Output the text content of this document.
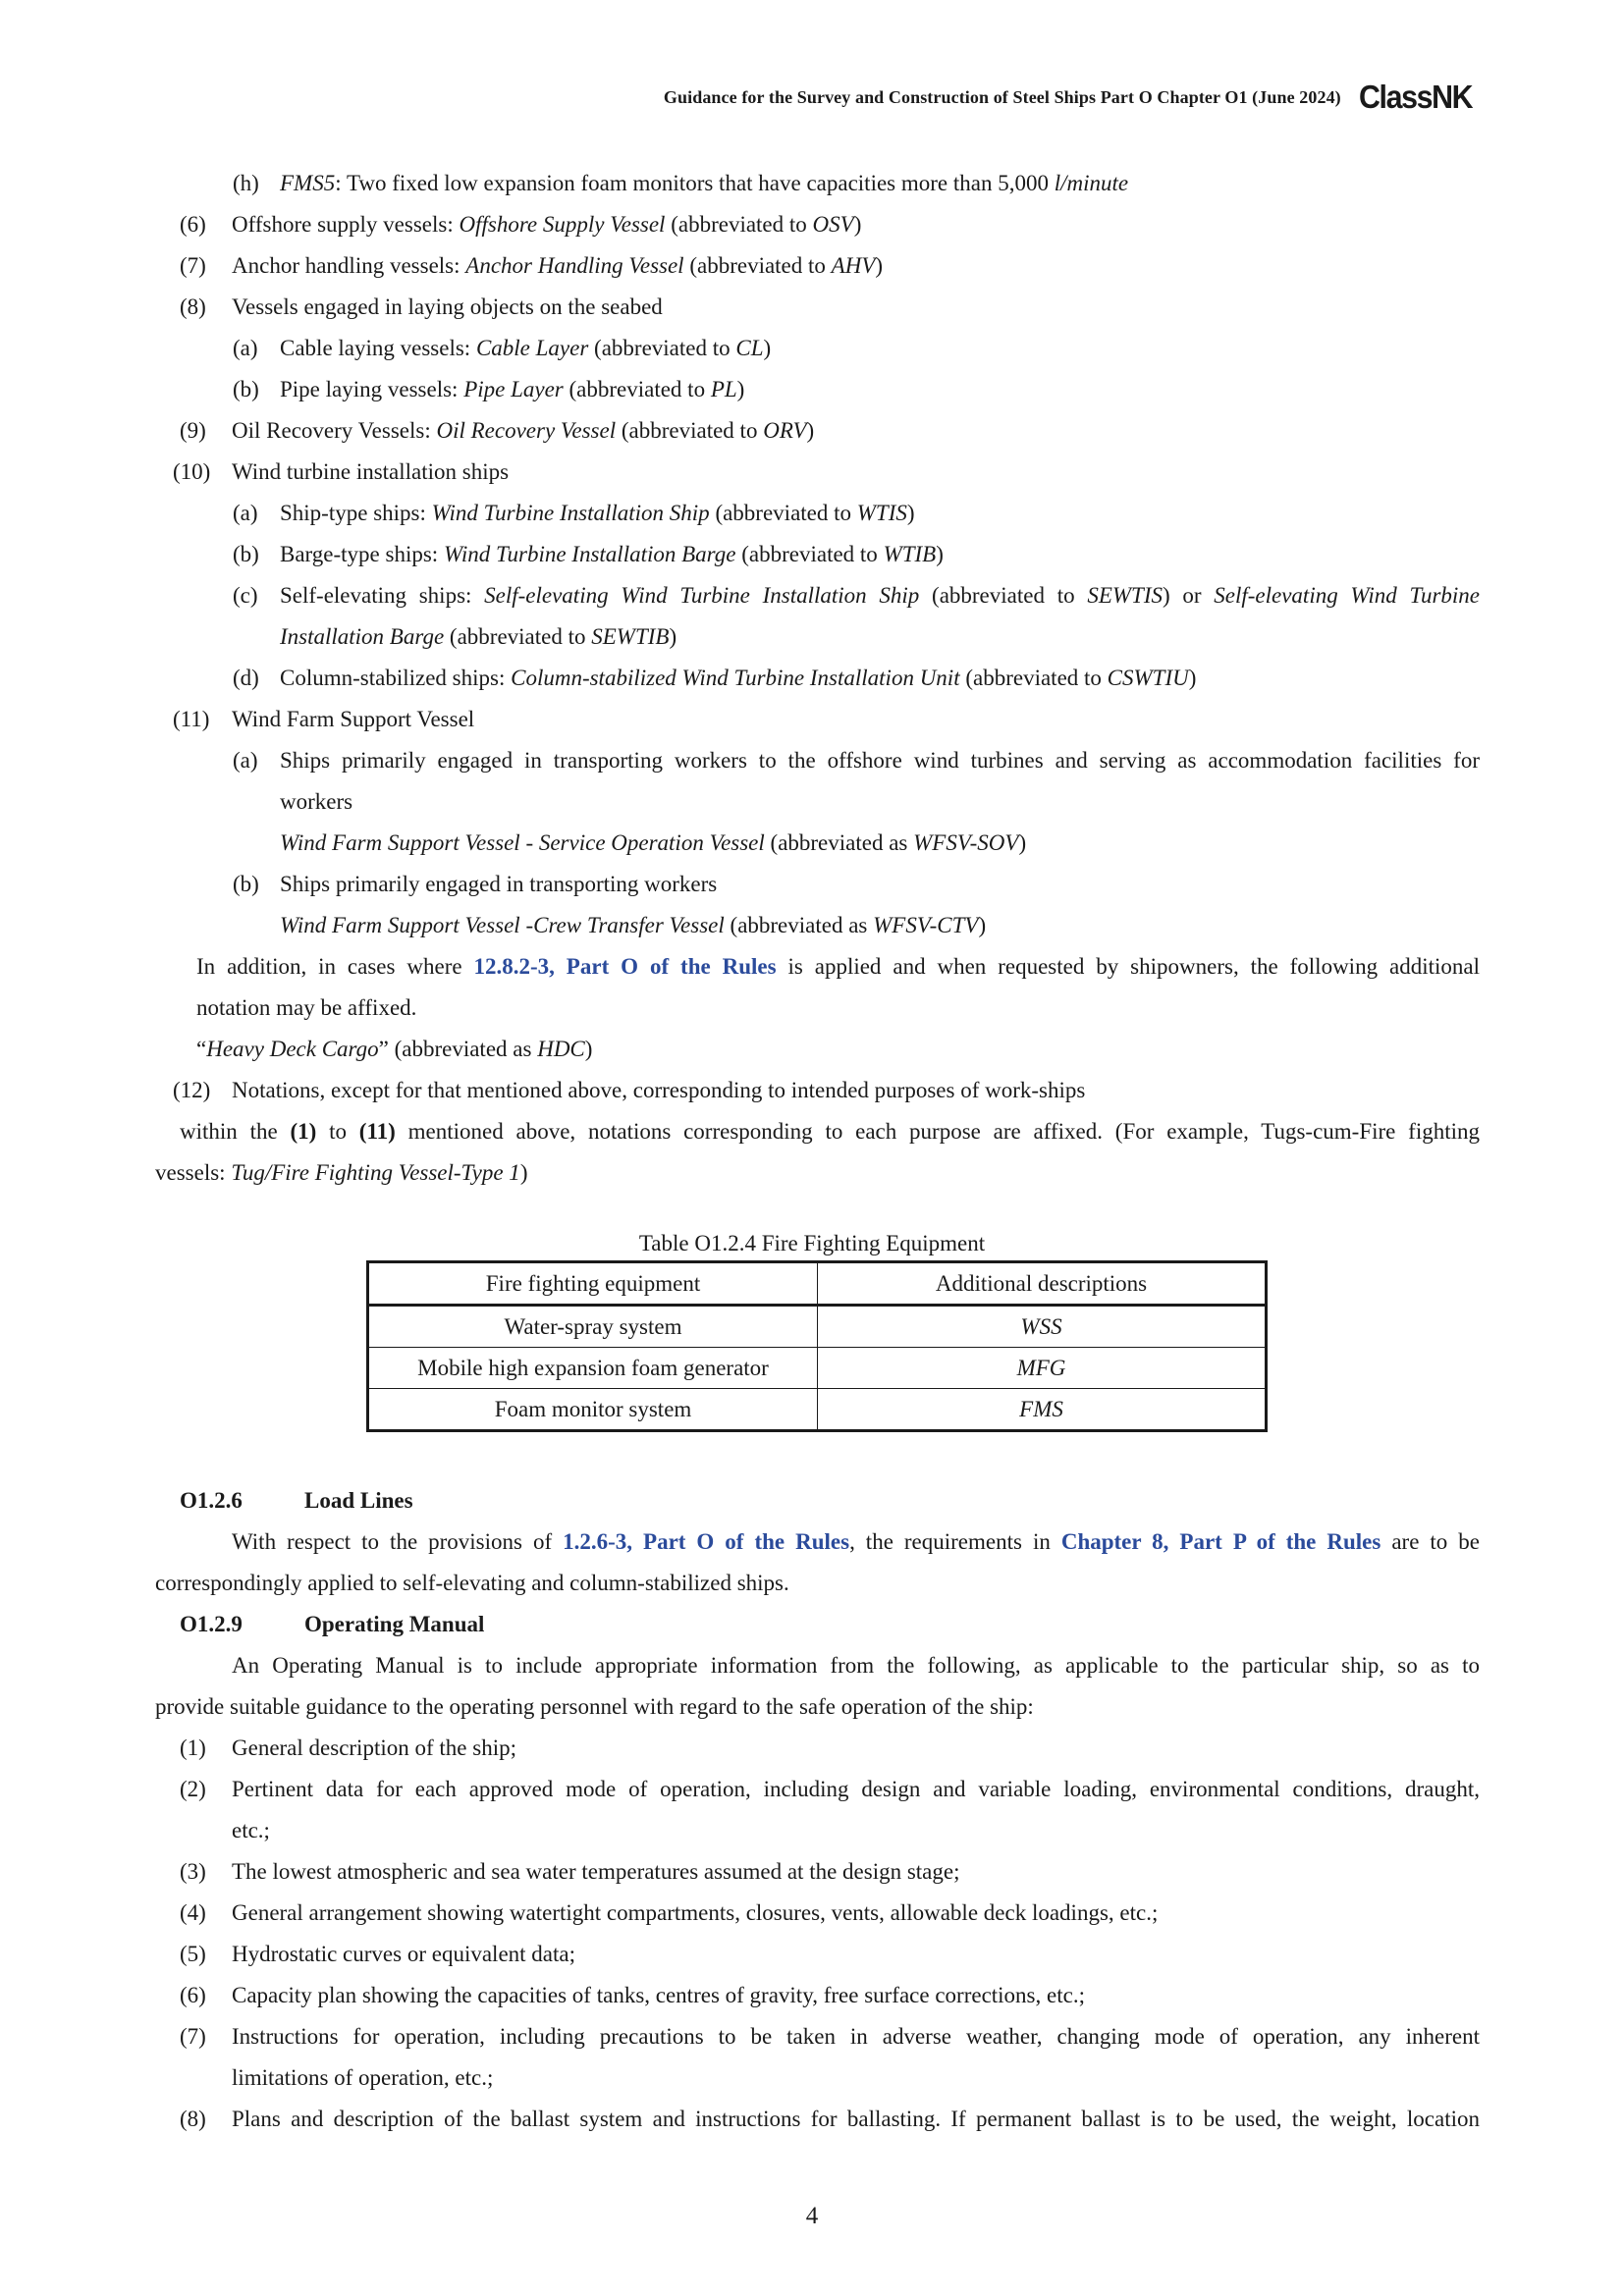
Guidance for the Survey and Construction of Steel Ships Part O Chapter O1 (June 2024) ClassNK
(h) FMS5: Two fixed low expansion foam monitors that have capacities more than 5,000 l/minute
(6) Offshore supply vessels: Offshore Supply Vessel (abbreviated to OSV)
(7) Anchor handling vessels: Anchor Handling Vessel (abbreviated to AHV)
(8) Vessels engaged in laying objects on the seabed
(a) Cable laying vessels: Cable Layer (abbreviated to CL)
(b) Pipe laying vessels: Pipe Layer (abbreviated to PL)
(9) Oil Recovery Vessels: Oil Recovery Vessel (abbreviated to ORV)
(10) Wind turbine installation ships
(a) Ship-type ships: Wind Turbine Installation Ship (abbreviated to WTIS)
(b) Barge-type ships: Wind Turbine Installation Barge (abbreviated to WTIB)
(c) Self-elevating ships: Self-elevating Wind Turbine Installation Ship (abbreviated to SEWTIS) or Self-elevating Wind Turbine
Installation Barge (abbreviated to SEWTIB)
(d) Column-stabilized ships: Column-stabilized Wind Turbine Installation Unit (abbreviated to CSWTIU)
(11) Wind Farm Support Vessel
(a) Ships primarily engaged in transporting workers to the offshore wind turbines and serving as accommodation facilities for
workers
Wind Farm Support Vessel - Service Operation Vessel (abbreviated as WFSV-SOV)
(b) Ships primarily engaged in transporting workers
Wind Farm Support Vessel -Crew Transfer Vessel (abbreviated as WFSV-CTV)
In addition, in cases where 12.8.2-3, Part O of the Rules is applied and when requested by shipowners, the following additional
notation may be affixed.
“Heavy Deck Cargo” (abbreviated as HDC)
(12) Notations, except for that mentioned above, corresponding to intended purposes of work-ships
within the (1) to (11) mentioned above, notations corresponding to each purpose are affixed. (For example, Tugs-cum-Fire fighting
vessels: Tug/Fire Fighting Vessel-Type 1)
Table O1.2.4 Fire Fighting Equipment
Fire fighting equipment	Additional descriptions
Water-spray system	WSS
Mobile high expansion foam generator	MFG
Foam monitor system	FMS
O1.2.6	Load Lines
With respect to the provisions of 1.2.6-3, Part O of the Rules, the requirements in Chapter 8, Part P of the Rules are to be
correspondingly applied to self-elevating and column-stabilized ships.
O1.2.9	Operating Manual
An Operating Manual is to include appropriate information from the following, as applicable to the particular ship, so as to
provide suitable guidance to the operating personnel with regard to the safe operation of the ship:
(1) General description of the ship;
(2) Pertinent data for each approved mode of operation, including design and variable loading, environmental conditions, draught,
etc.;
(3) The lowest atmospheric and sea water temperatures assumed at the design stage;
(4) General arrangement showing watertight compartments, closures, vents, allowable deck loadings, etc.;
(5) Hydrostatic curves or equivalent data;
(6) Capacity plan showing the capacities of tanks, centres of gravity, free surface corrections, etc.;
(7) Instructions for operation, including precautions to be taken in adverse weather, changing mode of operation, any inherent
limitations of operation, etc.;
(8) Plans and description of the ballast system and instructions for ballasting. If permanent ballast is to be used, the weight, location
4
